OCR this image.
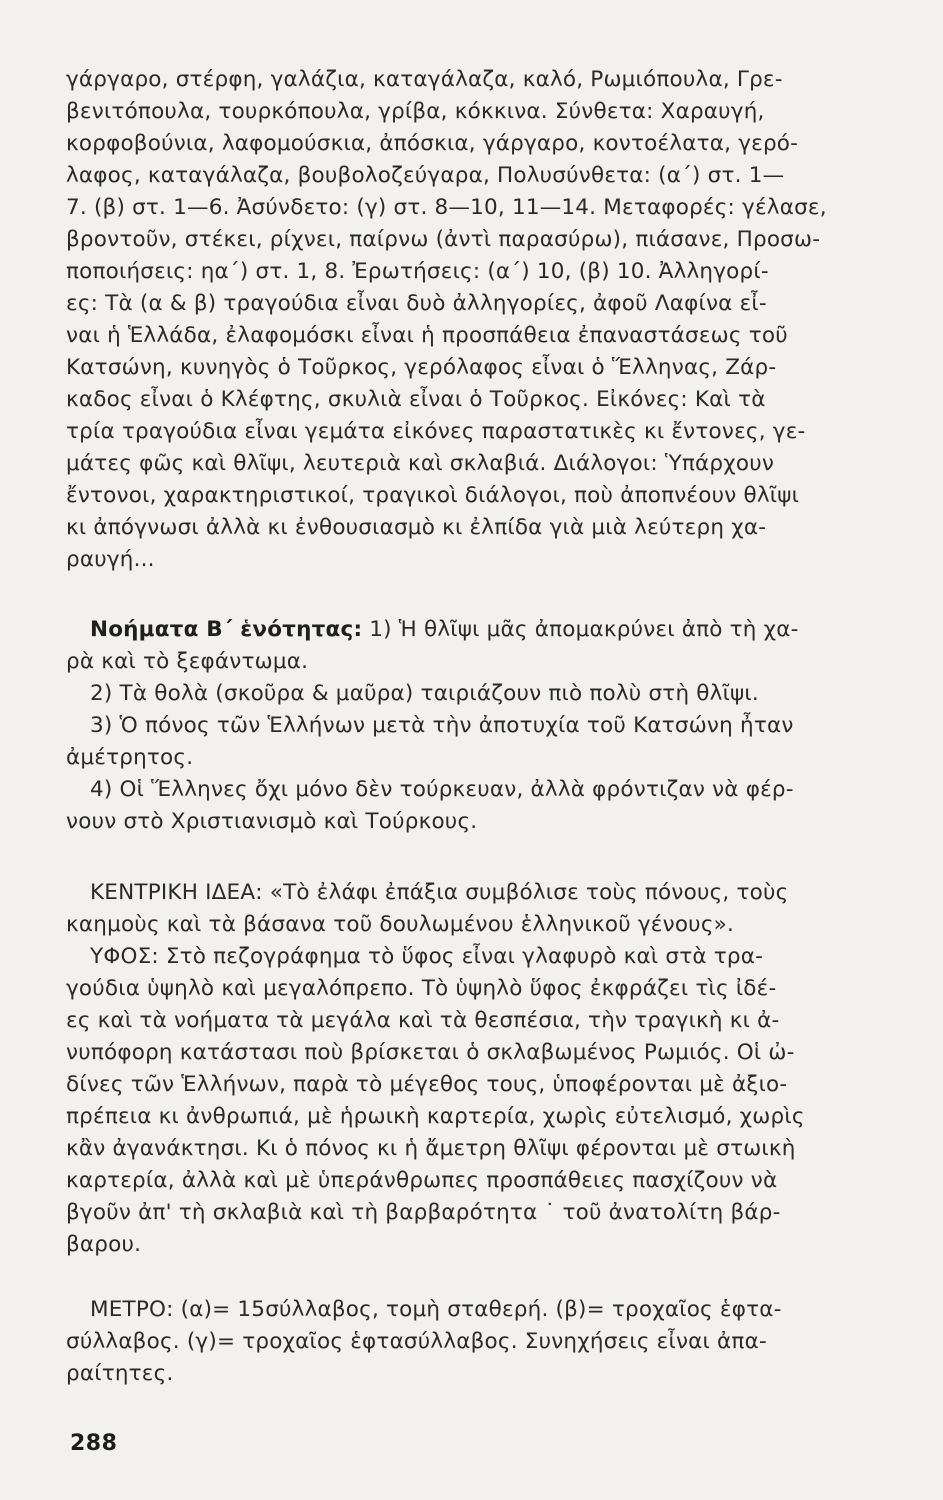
γάργαρο, στέρφη, γαλάζια, καταγάλαζα, καλό, Ρωμιόπουλα, Γρε-
βενιτόπουλα, τουρκόπουλα, γρίβα, κόκκινα. Σύνθετα: Χαραυγή,
κορφοβούνια, λαφομούσκια, ἀπόσκια, γάργαρο, κοντοέλατα, γερό-
λαφος, καταγάλαζα, βουβολοζεύγαρα, Πολυσύνθετα: (α΄) στ. 1—
7. (β) στ. 1—6. Ἀσύνδετο: (γ) στ. 8—10, 11—14. Μεταφορές: γέλασε,
βροντοῦν, στέκει, ρίχνει, παίρνω (ἀντὶ παρασύρω), πιάσανε, Προσω-
ποποιήσεις: ηα΄) στ. 1, 8. Ἐρωτήσεις: (α΄) 10, (β) 10. Ἀλληγορί-
ες: Τὰ (α & β) τραγούδια εἶναι δυὸ ἀλληγορίες, ἀφοῦ Λαφίνα εἶ-
ναι ἡ Ἑλλάδα, ἐλαφομόσκι εἶναι ἡ προσπάθεια ἐπαναστάσεως τοῦ
Κατσώνη, κυνηγὸς ὁ Τοῦρκος, γερόλαφος εἶναι ὁ Ἕλληνας, Ζάρ-
καδος εἶναι ὁ Κλέφτης, σκυλιὰ εἶναι ὁ Τοῦρκος. Εἰκόνες: Καὶ τὰ
τρία τραγούδια εἶναι γεμάτα εἰκόνες παραστατικὲς κι ἔντονες, γε-
μάτες φῶς καὶ θλῖψι, λευτεριὰ καὶ σκλαβιά. Διάλογοι: Ὑπάρχουν
ἔντονοι, χαρακτηριστικοί, τραγικοὶ διάλογοι, ποὺ ἀποπνέουν θλῖψι
κι ἀπόγνωσι ἀλλὰ κι ἐνθουσιασμὸ κι ἐλπίδα γιὰ μιὰ λεύτερη χα-
ραυγή...
Νοήματα Β΄ ἑνότητας: 1) Ἡ θλῖψι μᾶς ἀπομακρύνει ἀπὸ τὴ χα-
ρὰ καὶ τὸ ξεφάντωμα.
2) Τὰ θολὰ (σκοῦρα & μαῦρα) ταιριάζουν πιὸ πολὺ στὴ θλῖψι.
3) Ὁ πόνος τῶν Ἑλλήνων μετὰ τὴν ἀποτυχία τοῦ Κατσώνη ἦταν
ἀμέτρητος.
4) Οἱ Ἕλληνες ὄχι μόνο δὲν τούρκευαν, ἀλλὰ φρόντιζαν νὰ φέρ-
νουν στὸ Χριστιανισμὸ καὶ Τούρκους.
ΚΕΝΤΡΙΚΗ ΙΔΕΑ: «Τὸ ἐλάφι ἐπάξια συμβόλισε τοὺς πόνους, τοὺς
καημοὺς καὶ τὰ βάσανα τοῦ δουλωμένου ἑλληνικοῦ γένους».
ΥΦΟΣ: Στὸ πεζογράφημα τὸ ὕφος εἶναι γλαφυρὸ καὶ στὰ τρα-
γούδια ὑψηλὸ καὶ μεγαλόπρεπο. Τὸ ὑψηλὸ ὕφος ἐκφράζει τὶς ἰδέ-
ες καὶ τὰ νοήματα τὰ μεγάλα καὶ τὰ θεσπέσια, τὴν τραγικὴ κι ἀ-
νυπόφορη κατάστασι ποὺ βρίσκεται ὁ σκλαβωμένος Ρωμιός. Οἱ ὠ-
δίνες τῶν Ἑλλήνων, παρὰ τὸ μέγεθος τους, ὑποφέρονται μὲ ἀξιο-
πρέπεια κι ἀνθρωπιά, μὲ ἡρωικὴ καρτερία, χωρὶς εὐτελισμό, χωρὶς
κἂν ἀγανάκτησι. Κι ὁ πόνος κι ἡ ἄμετρη θλῖψι φέρονται μὲ στωικὴ
καρτερία, ἀλλὰ καὶ μὲ ὑπεράνθρωπες προσπάθειες πασχίζουν νὰ
βγοῦν ἀπ' τὴ σκλαβιὰ καὶ τὴ βαρβαρότητα ˙ τοῦ ἀνατολίτη βάρ-
βαρου.
ΜΕΤΡΟ: (α)= 15σύλλαβος, τομὴ σταθερή. (β)= τροχαῖος ἑφτα-
σύλλαβος. (γ)= τροχαῖος ἑφτασύλλαβος. Συνηχήσεις εἶναι ἀπα-
ραίτητες.
288
